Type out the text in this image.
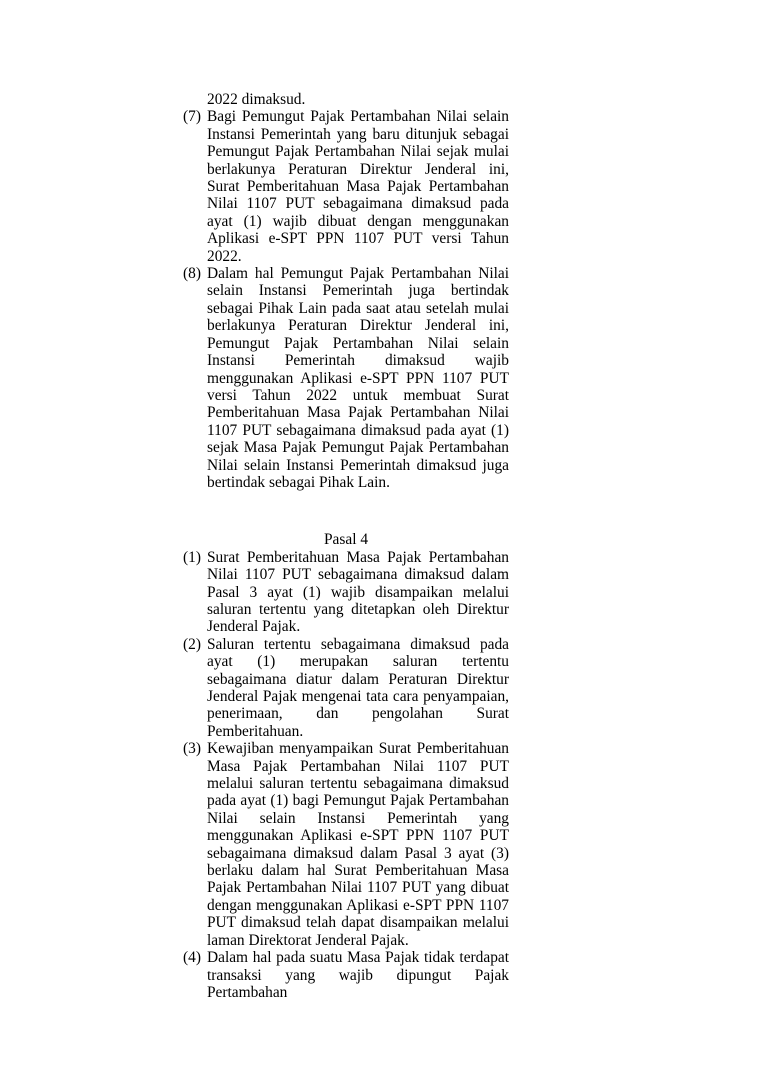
2022 dimaksud.

(7) Bagi Pemungut Pajak Pertambahan Nilai selain Instansi Pemerintah yang baru ditunjuk sebagai Pemungut Pajak Pertambahan Nilai sejak mulai berlakunya Peraturan Direktur Jenderal ini, Surat Pemberitahuan Masa Pajak Pertambahan Nilai 1107 PUT sebagaimana dimaksud pada ayat (1) wajib dibuat dengan menggunakan Aplikasi e-SPT PPN 1107 PUT versi Tahun 2022.

(8) Dalam hal Pemungut Pajak Pertambahan Nilai selain Instansi Pemerintah juga bertindak sebagai Pihak Lain pada saat atau setelah mulai berlakunya Peraturan Direktur Jenderal ini, Pemungut Pajak Pertambahan Nilai selain Instansi Pemerintah dimaksud wajib menggunakan Aplikasi e-SPT PPN 1107 PUT versi Tahun 2022 untuk membuat Surat Pemberitahuan Masa Pajak Pertambahan Nilai 1107 PUT sebagaimana dimaksud pada ayat (1) sejak Masa Pajak Pemungut Pajak Pertambahan Nilai selain Instansi Pemerintah dimaksud juga bertindak sebagai Pihak Lain.

Pasal 4

(1) Surat Pemberitahuan Masa Pajak Pertambahan Nilai 1107 PUT sebagaimana dimaksud dalam Pasal 3 ayat (1) wajib disampaikan melalui saluran tertentu yang ditetapkan oleh Direktur Jenderal Pajak.

(2) Saluran tertentu sebagaimana dimaksud pada ayat (1) merupakan saluran tertentu sebagaimana diatur dalam Peraturan Direktur Jenderal Pajak mengenai tata cara penyampaian, penerimaan, dan pengolahan Surat Pemberitahuan.

(3) Kewajiban menyampaikan Surat Pemberitahuan Masa Pajak Pertambahan Nilai 1107 PUT melalui saluran tertentu sebagaimana dimaksud pada ayat (1) bagi Pemungut Pajak Pertambahan Nilai selain Instansi Pemerintah yang menggunakan Aplikasi e-SPT PPN 1107 PUT sebagaimana dimaksud dalam Pasal 3 ayat (3) berlaku dalam hal Surat Pemberitahuan Masa Pajak Pertambahan Nilai 1107 PUT yang dibuat dengan menggunakan Aplikasi e-SPT PPN 1107 PUT dimaksud telah dapat disampaikan melalui laman Direktorat Jenderal Pajak.

(4) Dalam hal pada suatu Masa Pajak tidak terdapat transaksi yang wajib dipungut Pajak Pertambahan
